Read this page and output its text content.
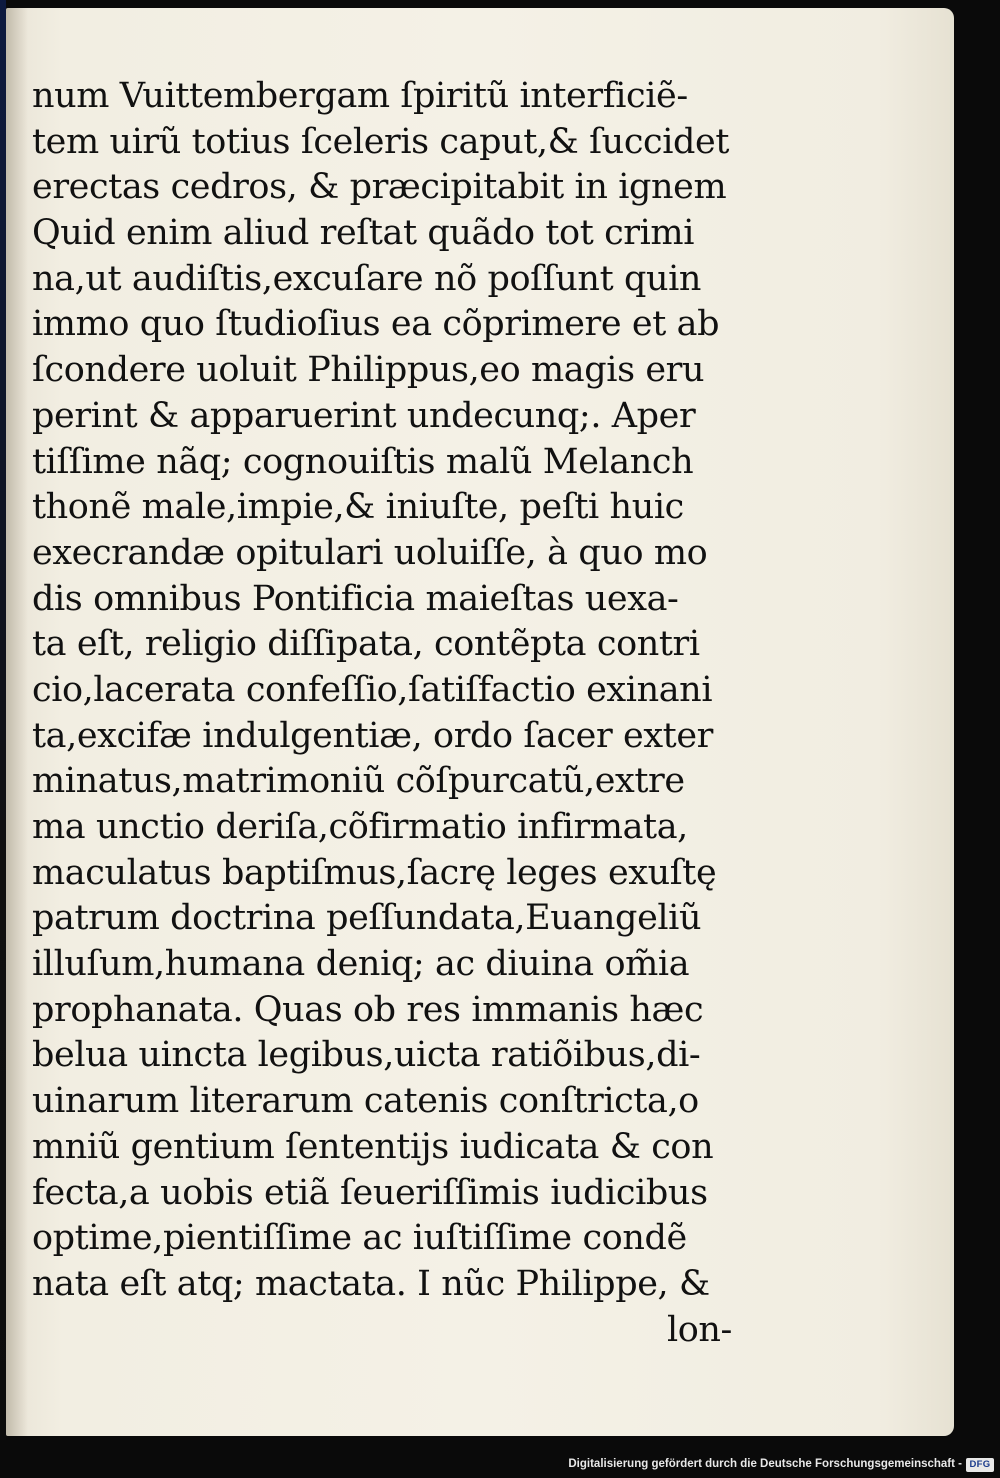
num Vuittembergam ſpiritũ interficiẽ-
tem uirũ totius ſceleris caput,& ſuccidet
erectas cedros, & præcipitabit in ignem
Quid enim aliud reſtat quãdo tot crimi
na,ut audiſtis,excuſare nõ poſſunt quin
immo quo ſtudioſius ea cõprimere et ab
ſcondere uoluit Philippus,eo magis eru
perint & apparuerint undecunq;. Aper
tiſſime nãq; cognouiſtis malũ Melanch
thonẽ male,impie,& iniuſte, peſti huic
execrandæ opitulari uoluiſſe, à quo mo
dis omnibus Pontificia maieſtas uexa-
ta eſt, religio diſſipata, contẽpta contri
cio,lacerata confeſſio,ſatiſfactio exinani
ta,excifæ indulgentiæ, ordo ſacer exter
minatus,matrimoniũ cõſpurcatũ,extre
ma unctio deriſa,cõfirmatio infirmata,
maculatus baptiſmus,ſacrę leges exuſtę
patrum doctrina peſſundata,Euangeliũ
illuſum,humana deniq; ac diuina om̃ia
prophanata. Quas ob res immanis hæc
belua uincta legibus,uicta ratiõibus,di-
uinarum literarum catenis conſtricta,o
mniũ gentium ſententijs iudicata & con
fecta,a uobis etiã ſeueriſſimis iudicibus
optime,pientiſſime ac iuſtiſſime condẽ
nata eſt atq; mactata. I nũc Philippe, &
lon-
Digitalisierung gefördert durch die Deutsche Forschungsgemeinschaft - DFG
